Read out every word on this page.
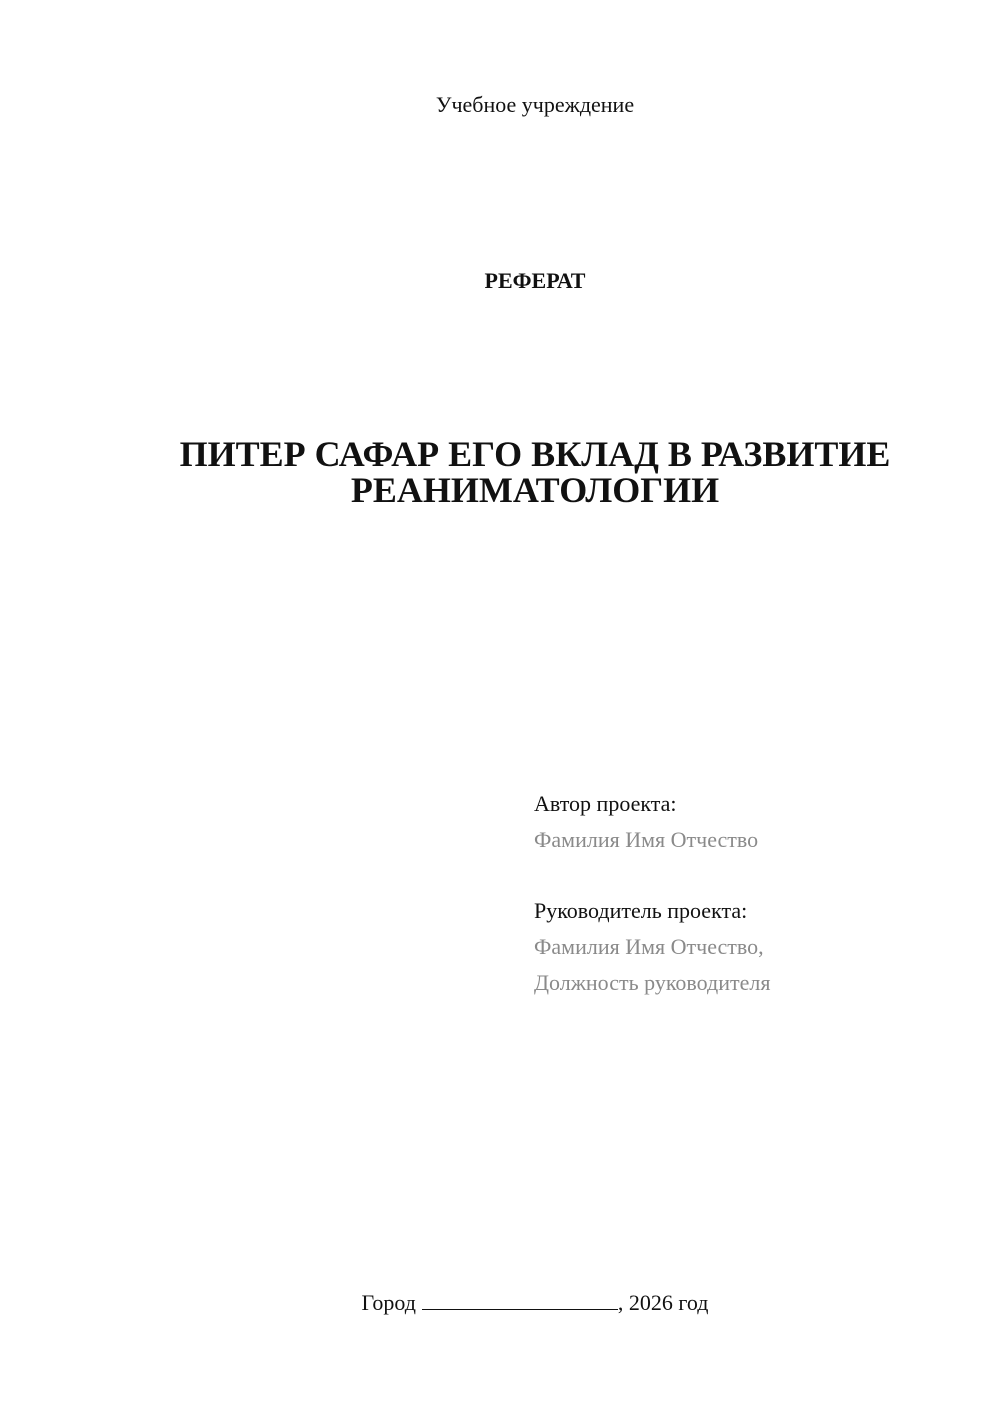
Учебное учреждение
РЕФЕРАТ
ПИТЕР САФАР ЕГО ВКЛАД В РАЗВИТИЕ
РЕАНИМАТОЛОГИИ
Автор проекта:
Фамилия Имя Отчество
Руководитель проекта:
Фамилия Имя Отчество,
Должность руководителя
Город	, 2026 год
